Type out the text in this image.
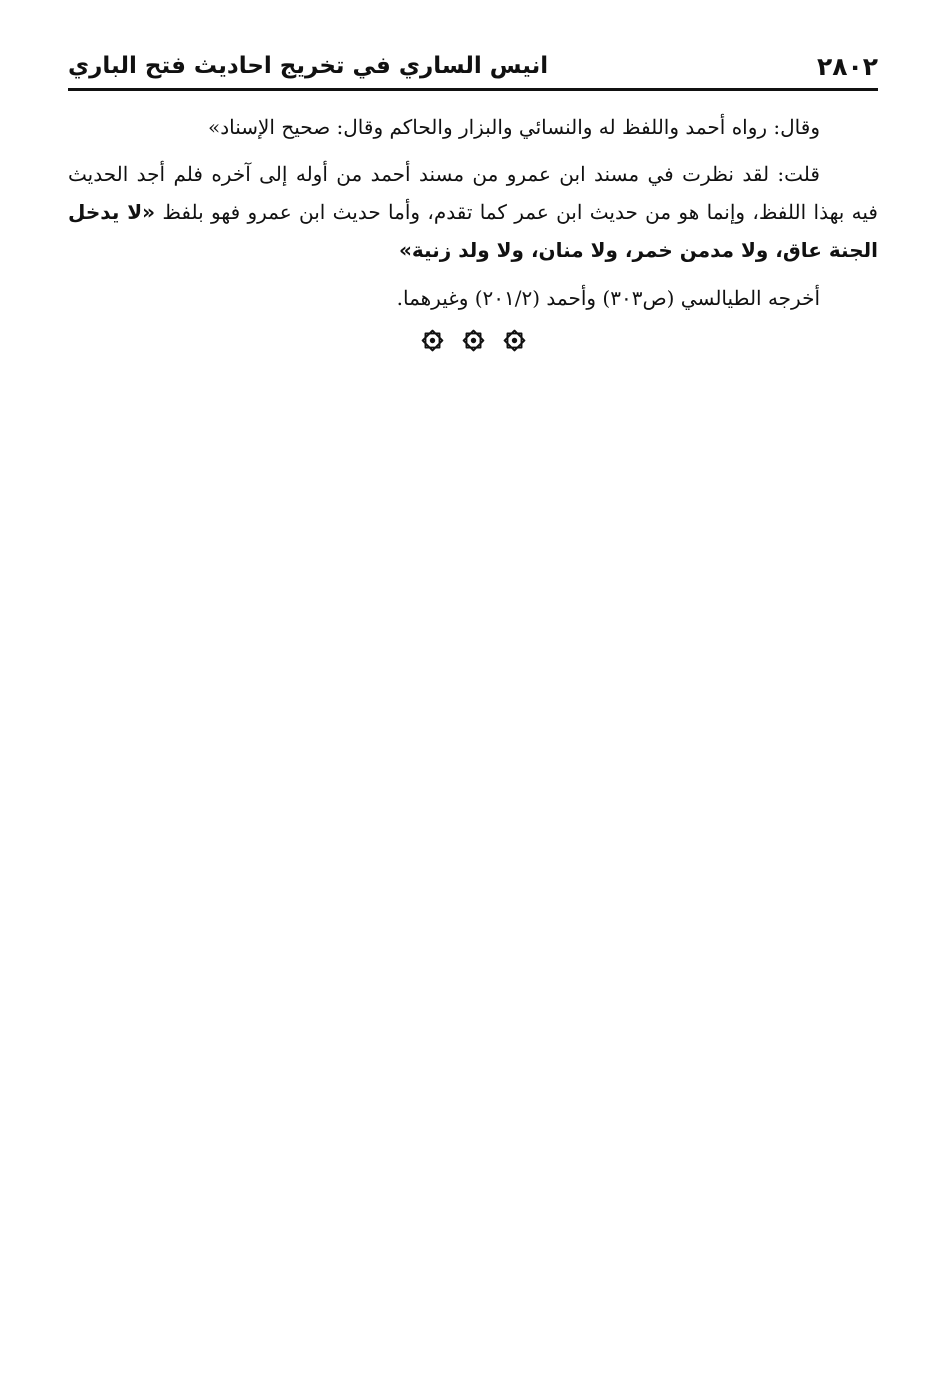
٢٨٠٢
انيس الساري في تخريج احاديث فتح الباري

وقال: رواه أحمد واللفظ له والنسائي والبزار والحاكم وقال: صحيح الإسناد»

قلت: لقد نظرت في مسند ابن عمرو من مسند أحمد من أوله إلى آخره فلم أجد الحديث فيه بهذا اللفظ، وإنما هو من حديث ابن عمر كما تقدم، وأما حديث ابن عمرو فهو بلفظ «لا يدخل الجنة عاق، ولا مدمن خمر، ولا منان، ولا ولد زنية»

أخرجه الطيالسي (ص٣٠٣) وأحمد (٢٠١/٢) وغيرهما.
